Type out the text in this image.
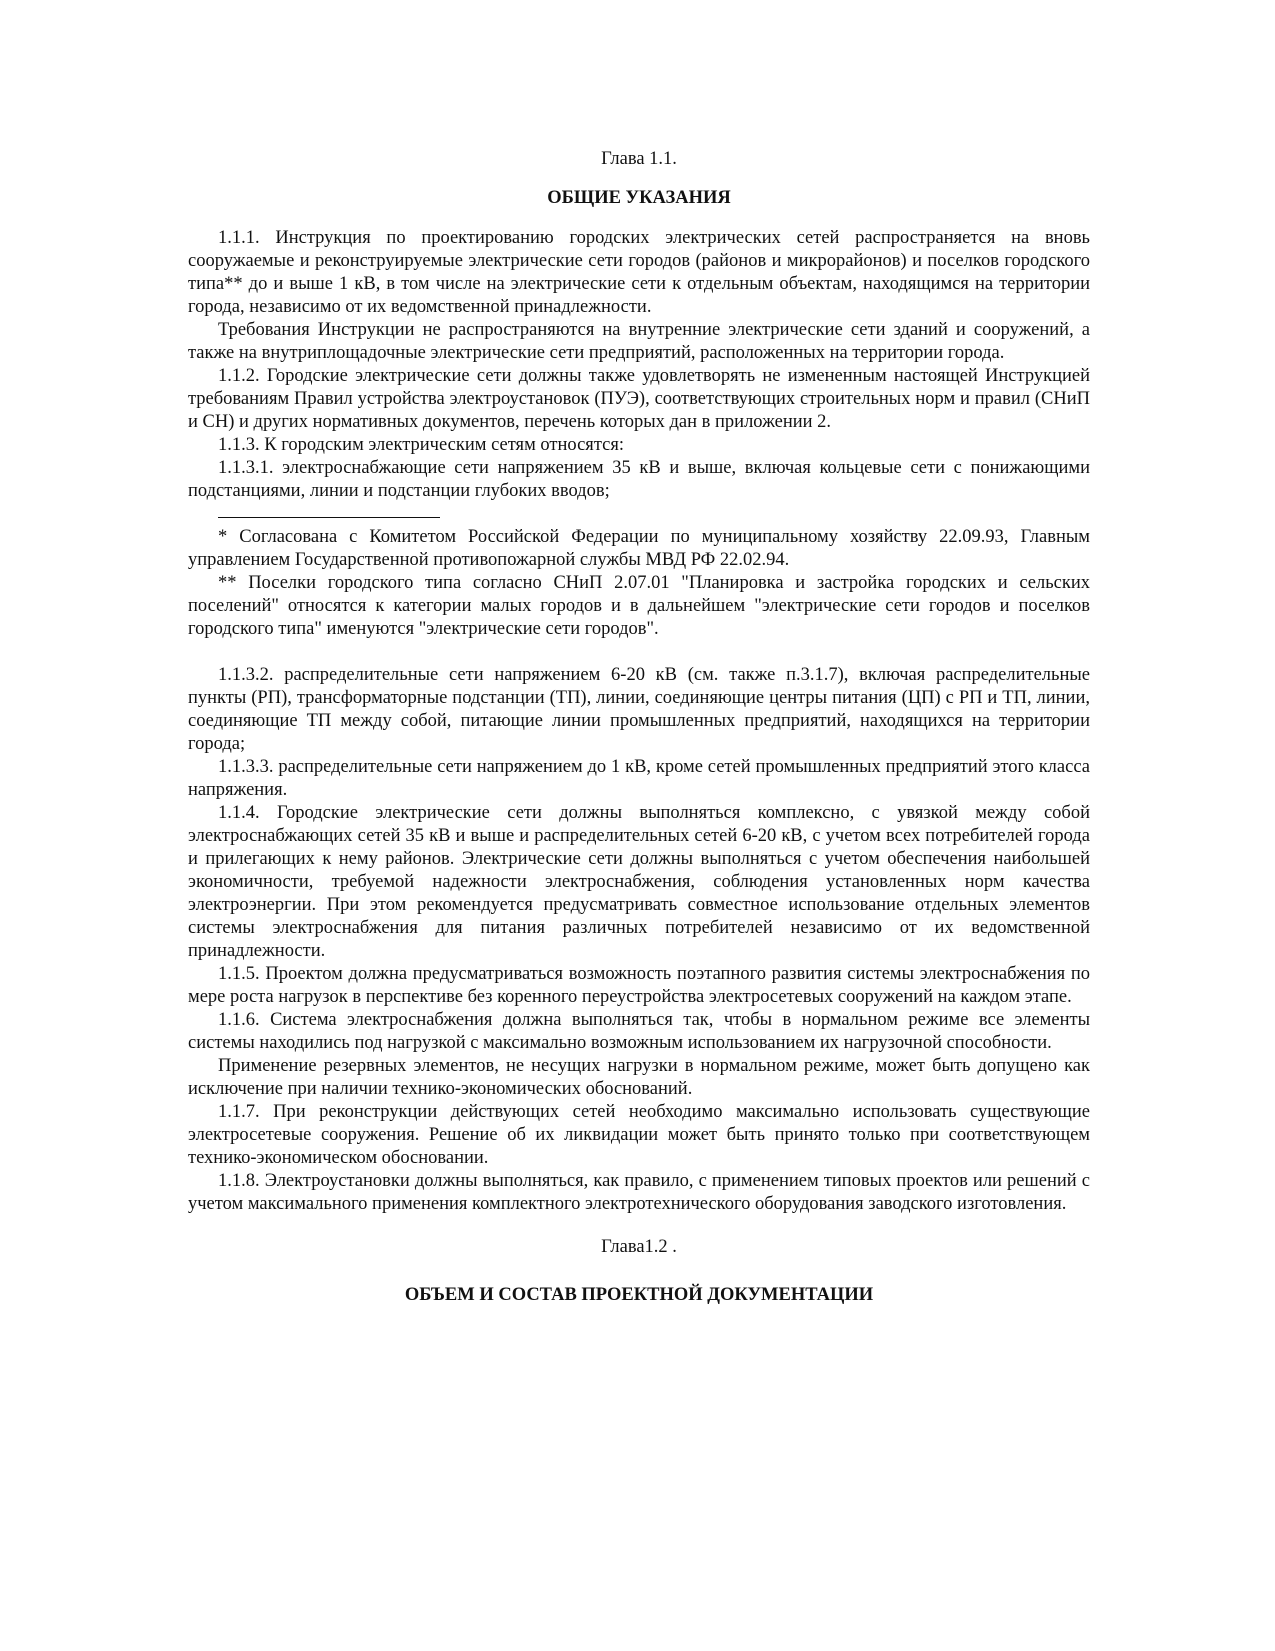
Глава 1.1.

ОБЩИЕ УКАЗАНИЯ

1.1.1. Инструкция по проектированию городских электрических сетей распространяется на вновь сооружаемые и реконструируемые электрические сети городов (районов и микрорайонов) и поселков городского типа** до и выше 1 кВ, в том числе на электрические сети к отдельным объектам, находящимся на территории города, независимо от их ведомственной принадлежности.

Требования Инструкции не распространяются на внутренние электрические сети зданий и сооружений, а также на внутриплощадочные электрические сети предприятий, расположенных на территории города.

1.1.2. Городские электрические сети должны также удовлетворять не измененным настоящей Инструкцией требованиям Правил устройства электроустановок (ПУЭ), соответствующих строительных норм и правил (СНиП и СН) и других нормативных документов, перечень которых дан в приложении 2.

1.1.3. К городским электрическим сетям относятся:

1.1.3.1. электроснабжающие сети напряжением 35 кВ и выше, включая кольцевые сети с понижающими подстанциями, линии и подстанции глубоких вводов;

* Согласована с Комитетом Российской Федерации по муниципальному хозяйству 22.09.93, Главным управлением Государственной противопожарной службы МВД РФ 22.02.94.

** Поселки городского типа согласно СНиП 2.07.01 "Планировка и застройка городских и сельских поселений" относятся к категории малых городов и в дальнейшем "электрические сети городов и поселков городского типа" именуются "электрические сети городов".

1.1.3.2. распределительные сети напряжением 6-20 кВ (см. также п.3.1.7), включая распределительные пункты (РП), трансформаторные подстанции (ТП), линии, соединяющие центры питания (ЦП) с РП и ТП, линии, соединяющие ТП между собой, питающие линии промышленных предприятий, находящихся на территории города;

1.1.3.3. распределительные сети напряжением до 1 кВ, кроме сетей промышленных предприятий этого класса напряжения.

1.1.4. Городские электрические сети должны выполняться комплексно, с увязкой между собой электроснабжающих сетей 35 кВ и выше и распределительных сетей 6-20 кВ, с учетом всех потребителей города и прилегающих к нему районов. Электрические сети должны выполняться с учетом обеспечения наибольшей экономичности, требуемой надежности электроснабжения, соблюдения установленных норм качества электроэнергии. При этом рекомендуется предусматривать совместное использование отдельных элементов системы электроснабжения для питания различных потребителей независимо от их ведомственной принадлежности.

1.1.5. Проектом должна предусматриваться возможность поэтапного развития системы электроснабжения по мере роста нагрузок в перспективе без коренного переустройства электросетевых сооружений на каждом этапе.

1.1.6. Система электроснабжения должна выполняться так, чтобы в нормальном режиме все элементы системы находились под нагрузкой с максимально возможным использованием их нагрузочной способности.

Применение резервных элементов, не несущих нагрузки в нормальном режиме, может быть допущено как исключение при наличии технико-экономических обоснований.

1.1.7. При реконструкции действующих сетей необходимо максимально использовать существующие электросетевые сооружения. Решение об их ликвидации может быть принято только при соответствующем технико-экономическом обосновании.

1.1.8. Электроустановки должны выполняться, как правило, с применением типовых проектов или решений с учетом максимального применения комплектного электротехнического оборудования заводского изготовления.

Глава1.2 .

ОБЪЕМ И СОСТАВ ПРОЕКТНОЙ ДОКУМЕНТАЦИИ
